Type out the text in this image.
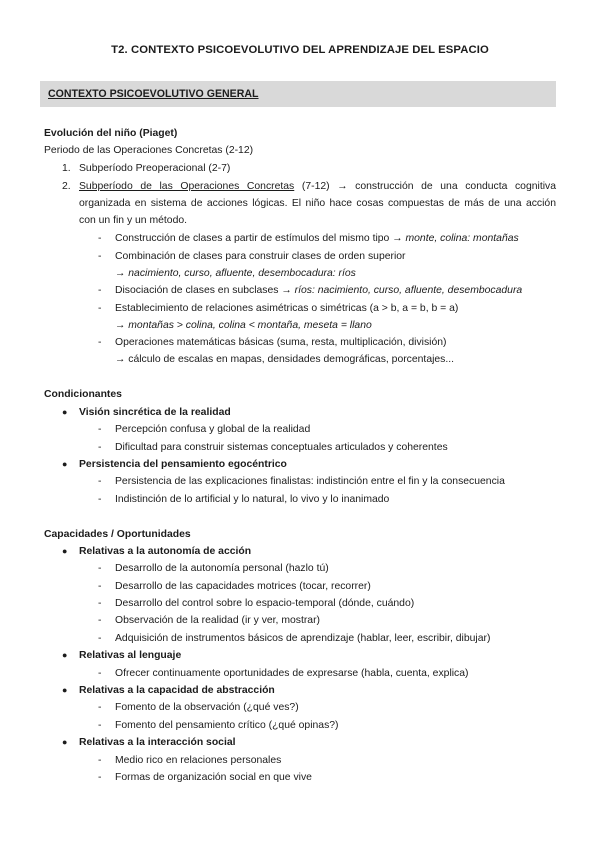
T2. CONTEXTO PSICOEVOLUTIVO DEL APRENDIZAJE DEL ESPACIO
CONTEXTO PSICOEVOLUTIVO GENERAL
Evolución del niño (Piaget)
Periodo de las Operaciones Concretas (2-12)
1. Subperíodo Preoperacional (2-7)
2. Subperíodo de las Operaciones Concretas (7-12) → construcción de una conducta cognitiva
organizada en sistema de acciones lógicas. El niño hace cosas compuestas de más de una acción
con un fin y un método.
- Construcción de clases a partir de estímulos del mismo tipo → monte, colina: montañas
- Combinación de clases para construir clases de orden superior
→ nacimiento, curso, afluente, desembocadura: ríos
- Disociación de clases en subclases → ríos: nacimiento, curso, afluente, desembocadura
- Establecimiento de relaciones asimétricas o simétricas (a > b, a = b, b = a)
→ montañas > colina, colina < montaña, meseta = llano
- Operaciones matemáticas básicas (suma, resta, multiplicación, división)
→ cálculo de escalas en mapas, densidades demográficas, porcentajes...
Condicionantes
● Visión sincrética de la realidad
- Percepción confusa y global de la realidad
- Dificultad para construir sistemas conceptuales articulados y coherentes
● Persistencia del pensamiento egocéntrico
- Persistencia de las explicaciones finalistas: indistinción entre el fin y la consecuencia
- Indistinción de lo artificial y lo natural, lo vivo y lo inanimado
Capacidades / Oportunidades
● Relativas a la autonomía de acción
- Desarrollo de la autonomía personal (hazlo tú)
- Desarrollo de las capacidades motrices (tocar, recorrer)
- Desarrollo del control sobre lo espacio-temporal (dónde, cuándo)
- Observación de la realidad (ir y ver, mostrar)
- Adquisición de instrumentos básicos de aprendizaje (hablar, leer, escribir, dibujar)
● Relativas al lenguaje
- Ofrecer continuamente oportunidades de expresarse (habla, cuenta, explica)
● Relativas a la capacidad de abstracción
- Fomento de la observación (¿qué ves?)
- Fomento del pensamiento crítico (¿qué opinas?)
● Relativas a la interacción social
- Medio rico en relaciones personales
- Formas de organización social en que vive
